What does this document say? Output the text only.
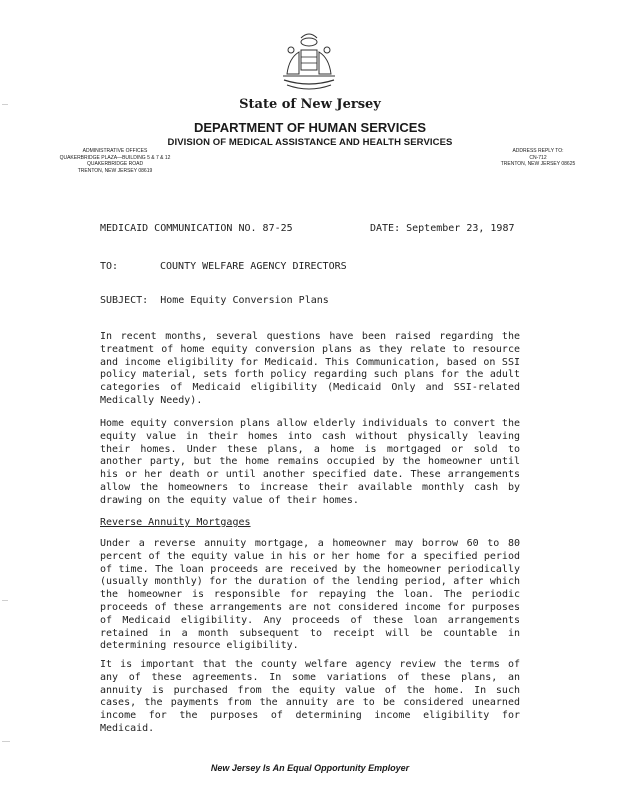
State of New Jersey
DEPARTMENT OF HUMAN SERVICES
DIVISION OF MEDICAL ASSISTANCE AND HEALTH SERVICES
ADMINISTRATIVE OFFICES
QUAKERBRIDGE PLAZA—BUILDING 5 & 7 & 12
QUAKERBRIDGE ROAD
TRENTON, NEW JERSEY 08619
ADDRESS REPLY TO:
CN-712
TRENTON, NEW JERSEY 08625
MEDICAID COMMUNICATION NO. 87-25	DATE: September 23, 1987
TO:	COUNTY WELFARE AGENCY DIRECTORS
SUBJECT:  Home Equity Conversion Plans

In recent months, several questions have been raised regarding the treatment of home equity conversion plans as they relate to resource and income eligibility for Medicaid. This Communication, based on SSI policy material, sets forth policy regarding such plans for the adult categories of Medicaid eligibility (Medicaid Only and SSI-related Medically Needy).

Home equity conversion plans allow elderly individuals to convert the equity value in their homes into cash without physically leaving their homes. Under these plans, a home is mortgaged or sold to another party, but the home remains occupied by the homeowner until his or her death or until another specified date. These arrangements allow the homeowners to increase their available monthly cash by drawing on the equity value of their homes.

Reverse Annuity Mortgages

Under a reverse annuity mortgage, a homeowner may borrow 60 to 80 percent of the equity value in his or her home for a specified period of time. The loan proceeds are received by the homeowner periodically (usually monthly) for the duration of the lending period, after which the homeowner is responsible for repaying the loan. The periodic proceeds of these arrangements are not considered income for purposes of Medicaid eligibility. Any proceeds of these loan arrangements retained in a month subsequent to receipt will be countable in determining resource eligibility.

It is important that the county welfare agency review the terms of any of these agreements. In some variations of these plans, an annuity is purchased from the equity value of the home. In such cases, the payments from the annuity are to be considered unearned income for the purposes of determining income eligibility for Medicaid.

New Jersey Is An Equal Opportunity Employer
